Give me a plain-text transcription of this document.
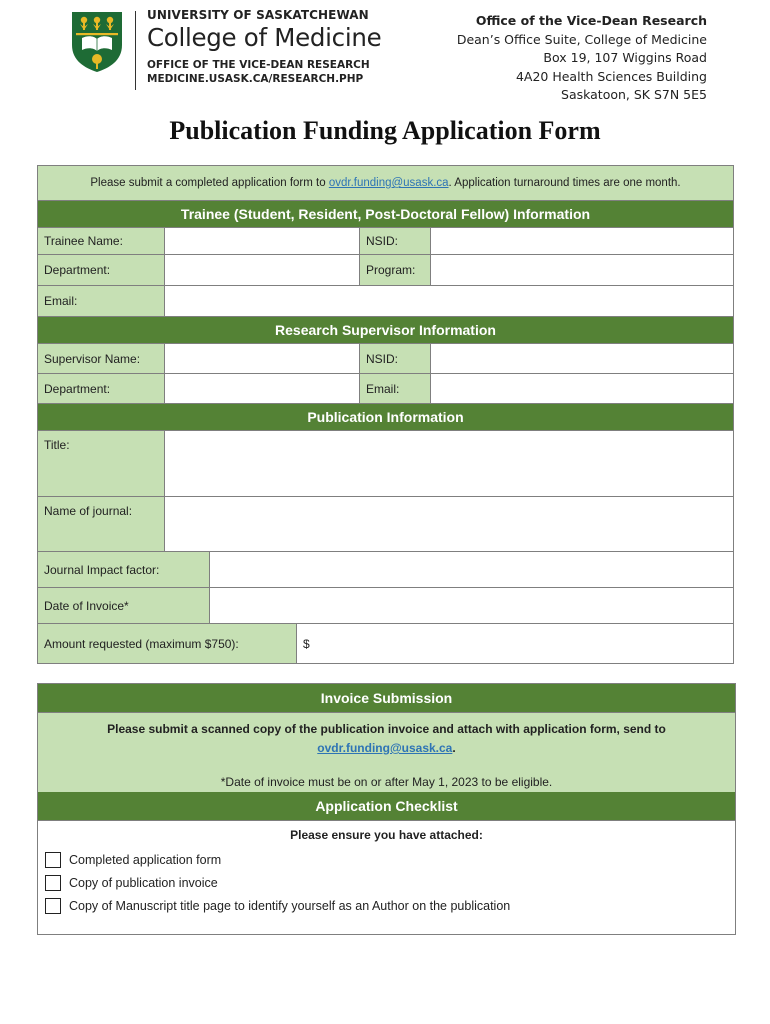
UNIVERSITY OF SASKATCHEWAN
College of Medicine
OFFICE OF THE VICE-DEAN RESEARCH
MEDICINE.USASK.CA/RESEARCH.PHP
Office of the Vice-Dean Research
Dean’s Office Suite, College of Medicine
Box 19, 107 Wiggins Road
4A20 Health Sciences Building
Saskatoon, SK S7N 5E5
Publication Funding Application Form
Please submit a completed application form to
ovdr.funding@usask.ca . Application turnaround times are one month.
Trainee (Student, Resident, Post-Doctoral Fellow) Information
Trainee Name:	NSID:
Department:	Program:
Email:
Research Supervisor Information
Supervisor Name:	NSID:
Department:	Email:
Publication Information
Title:
Name of journal:
Journal Impact factor:
Date of Invoice*
Amount requested (maximum $750):	$
Invoice Submission
Please submit a scanned copy of the publication invoice and attach with application form, send to
ovdr.funding@usask.ca.
*Date of invoice must be on or after May 1, 2023 to be eligible.
Application Checklist
Please ensure you have attached:
Completed application form
Copy of publication invoice
Copy of Manuscript title page to identify yourself as an Author on the publication
